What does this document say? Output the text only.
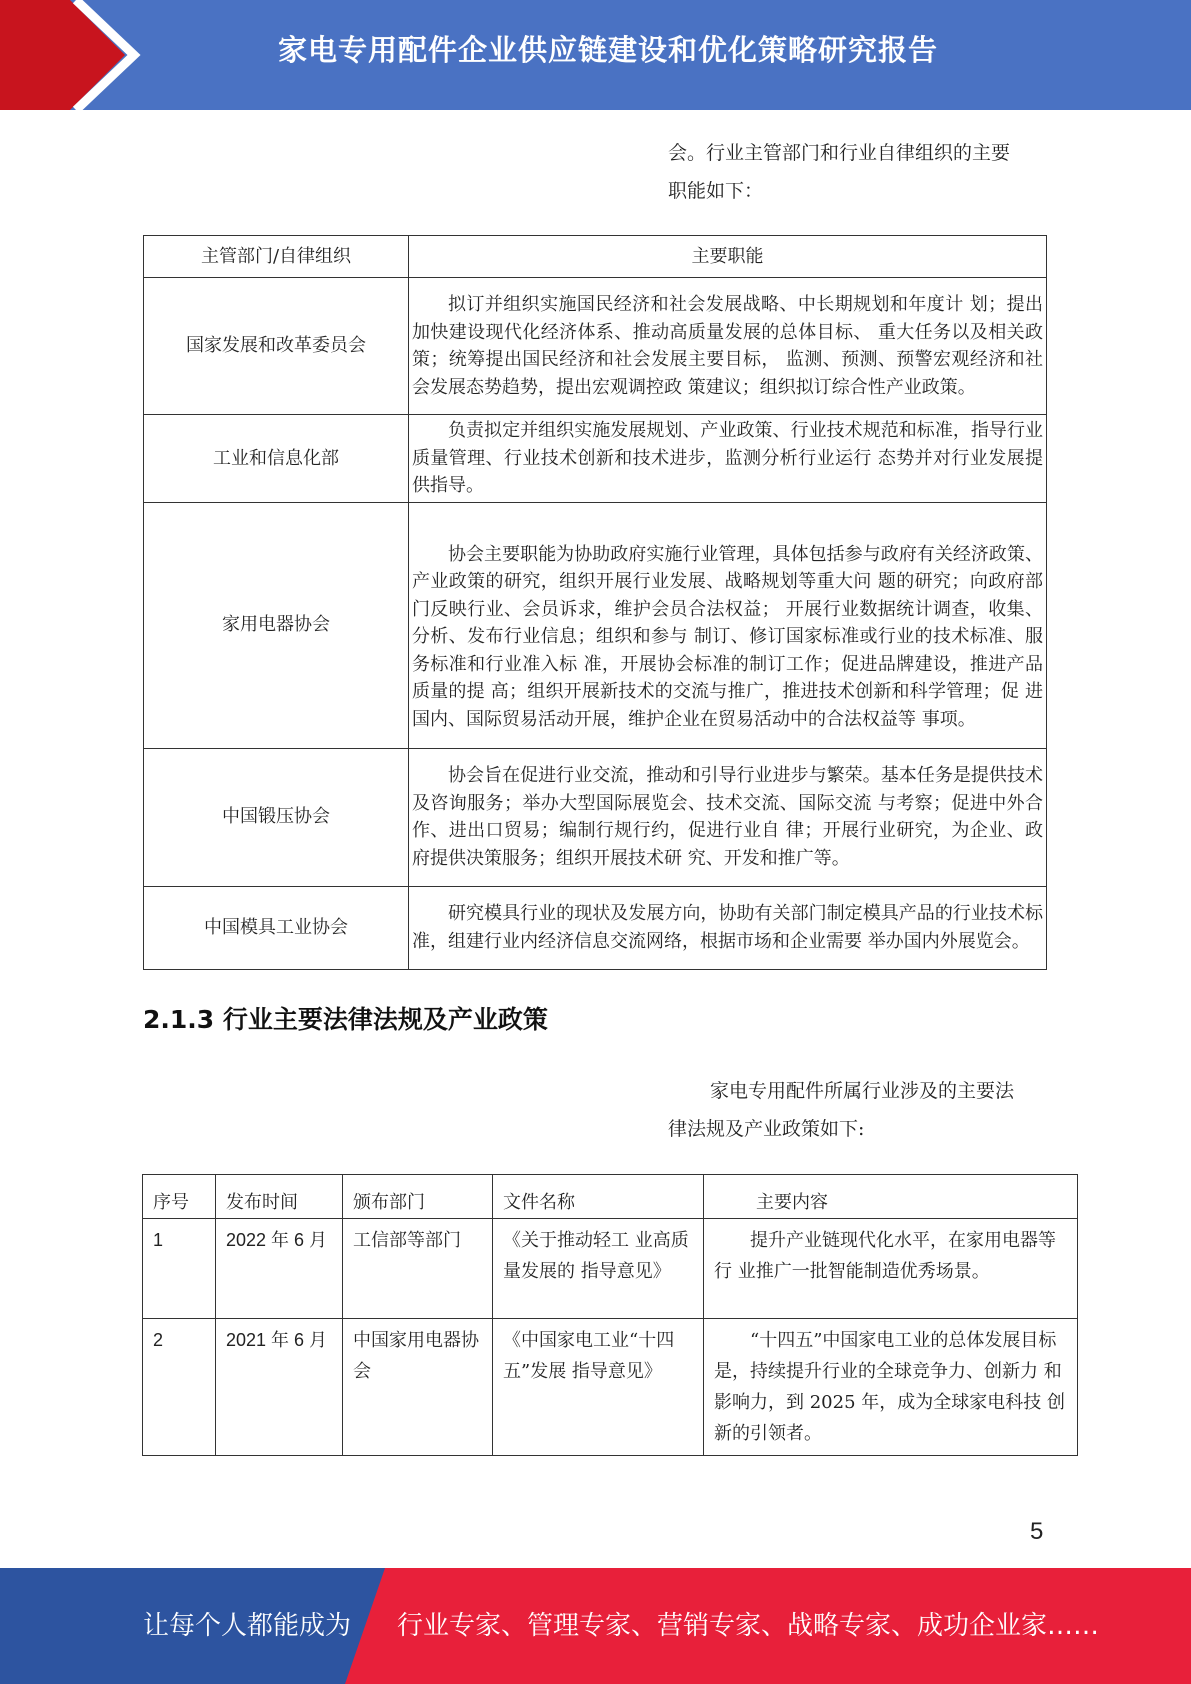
家电专用配件企业供应链建设和优化策略研究报告
会。行业主管部门和行业自律组织的主要
职能如下：
主管部门/自律组织	主要职能
国家发展和改革委员会	拟订并组织实施国民经济和社会发展战略、中长期规划和年度计 划；提出加快建设现代化经济体系、推动高质量发展的总体目标、 重大任务以及相关政策；统筹提出国民经济和社会发展主要目标， 监测、预测、预警宏观经济和社会发展态势趋势，提出宏观调控政 策建议；组织拟订综合性产业政策。

工业和信息化部	负责拟定并组织实施发展规划、产业政策、行业技术规范和标准，指导行业质量管理、行业技术创新和技术进步，监测分析行业运行 态势并对行业发展提供指导。

家用电器协会	协会主要职能为协助政府实施行业管理，具体包括参与政府有关经济政策、产业政策的研究，组织开展行业发展、战略规划等重大问 题的研究；向政府部门反映行业、会员诉求，维护会员合法权益； 开展行业数据统计调查，收集、分析、发布行业信息；组织和参与 制订、修订国家标准或行业的技术标准、服务标准和行业准入标 准，开展协会标准的制订工作；促进品牌建设，推进产品质量的提 高；组织开展新技术的交流与推广，推进技术创新和科学管理；促 进国内、国际贸易活动开展，维护企业在贸易活动中的合法权益等 事项。

中国锻压协会	协会旨在促进行业交流，推动和引导行业进步与繁荣。基本任务是提供技术及咨询服务；举办大型国际展览会、技术交流、国际交流 与考察；促进中外合作、进出口贸易；编制行规行约，促进行业自 律；开展行业研究，为企业、政府提供决策服务；组织开展技术研 究、开发和推广等。

中国模具工业协会	研究模具行业的现状及发展方向，协助有关部门制定模具产品的行业技术标准，组建行业内经济信息交流网络，根据市场和企业需要 举办国内外展览会。
2.1.3 行业主要法律法规及产业政策
家电专用配件所属行业涉及的主要法
律法规及产业政策如下:
序号	发布时间	颁布部门	文件名称	主要内容
1	2022 年 6 月	工信部等部门	《关于推动轻工 业高质量发展的 指导意见》	提升产业链现代化水平，在家用电器等行 业推广一批智能制造优秀场景。

2	2021 年 6 月	中国家用电器协会	《中国家电工业“十四五”发展 指导意见》	“十四五”中国家电工业的总体发展目标 是，持续提升行业的全球竞争力、创新力 和影响力，到 2025 年，成为全球家电科技 创新的引领者。
5
让每个人都能成为 行业专家、管理专家、营销专家、战略专家、成功企业家……
